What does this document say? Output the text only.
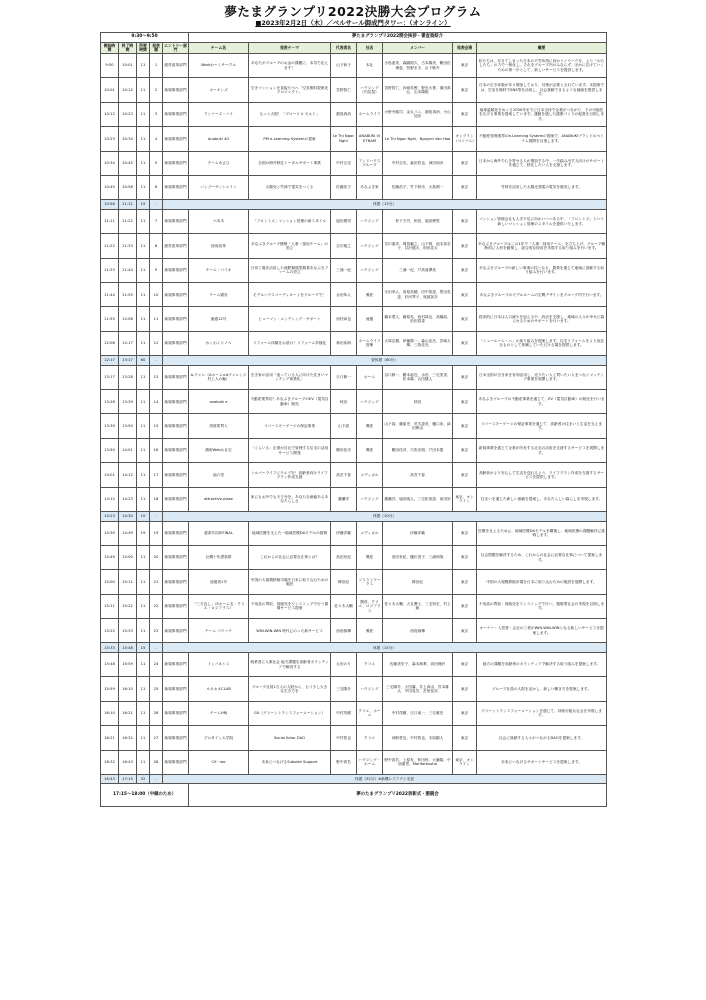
夢たまグランプリ2022決勝大会プログラム
■2023年2月2日（木）／ベルサール御成門タワー：（オンライン）
9:30～9:50					夢たまグランプリ2022開会挨拶・審査員紹介						
開始時間	終了時間	所要時間	発表順	エントリー部門	チーム名	発表テーマ	代表者名	社名	メンバー	発表会場	概要
9:50	10:01	11	1	経営改革部門	Workわーくサークル	あなたがグループのお金の課題に、本気で応えます！	山下和子	本社	小島恵美、森嗣朗久、古本陽美、鶴田佐理恵、牧野まき、山下敬介	東京	私たちは、尽きてしまった日本の不労所得に向かうノウハウを、より「わたしたち」の力で一般化し、それをグループ内のみならず、ほかに広げていくための第一歩として、新しいサービスを提供します。
10:01	10:12	11	2	新規事業部門	ホーキンズ	空きマンションを直接たべへ「空室無料提案化プロジェクト」	宮野智仁	ハウジング（内見屋）	宮野智仁、岩崎英俊、野田大貴、濱田真弘、山本陽聡	東京	日本の空き家数が年々増加しており、対策が必要とされています。本提案では、空室を無料でSNS等を活用し、社会貢献できるような価値を提供します。
10:12	10:23	11	3	新規事業部門	ランナーズ・ハイ	もっと大胆！「グローリオ モルト」	割島真治	ホームライフ	小野寺健司、金丸コニ、割島真治、小山加奈	東京	地球温暖化をめぐる2030年までに日本全体で企業がつながり、その可能性を広げる事業を提案しています。運動を通した健康づくりの促進を目指します。
10:23	10:34	11	4	新規事業部門	Anabuki 4G	PM e-Learning Systemの提案	Le Thi Ngoc Nghi	ANABUKI VIETNAM	Le Thi Ngoc Nghi、Nguyen Van Hoa	オンライン（ベトナム）	不動産管理業界のe-Learning Systemの提案で、ANABUKIブランドのベトナム展開を目指します。
10:34	10:45	11	5	新規事業部門	チームあさひ	全国の海外移住トータルサポート事業	中村吉光	アンドハウスグループ	中村吉光、森田哲也、神田和彦	東京	日本から海外で心を寄せる人が増加する中、一歩踏み出す人向けのサポートを通じて、移住したい人を支援します。
10:45	10:56	11	6	新規事業部門	バンブーサンシャイン	太陽光と竹林で電気をつくる	佐藤浩子	あなぶき家	佐藤浩子、竹下彰彦、大島理一	東京	竹林を活用した太陽光発電の電気を販売します。
10:56	11:11	15	-	休憩（15分）							
11:11	11:22	11	7	新規事業部門	六本木	「フロントズ」マンション管理の新スタイル	堀田俊男	ハウジング	松下方円、和田、堀田俊男	東京	マンション管理会社も人手不足に向かいつつある中、「フロントズ」という新しいマンション管理のスタイルを提供いたします。
11:22	11:33	11	8	経営改革部門	採用改革	あなぶきグループ横断「人事・採用チーム」の設立	吉川雅之	ハウジング	宮川重彦、岡島範之、山下明、池本加奈子、井沢健太、和田祐太	東京	あなぶきグループはこの1年で「人事・採用チーム」を立ち上げ、グループ横断的に人材を確保し、総合的な採用を実現する取り組みを行います。
11:33	11:44	11	9	新規事業部門	チーム・バイオ	日常工場を活用した液肥循環型農業あなぶきファームの設立	三浦一紀	ハウジング	三浦一紀、戸高亜澤美	東京	あなぶきグループの新しい事業の柱となる、農業を通じて地域に貢献する取り組みを行います。
11:44	11:55	11	10	新規事業部門	チーム鎖音	モデルハウスコーディネートをグループで！	水田恭人	興産	永田恭人、髙原美穂、田中智恵、黒田英恵、杉河琴子、庭誠加奈	東京	あなぶきグループのモデルルームの空間デザインをグループ内で行います。
11:55	12:06	11	11	新規事業部門	流通12号	ヒューマン・エンディング・サポート	西村緑也	流通	橋本愛人、藤原英、西村緑也、高橋結、松田春香	東京	将来的に日本は人口減少を迎える中、終活を支援し、地域の人々が幸せに暮らせるためのサポートを行います。
12:06	12:17	11	12	新規事業部門	わくわくリノベ	リフォーム体験をお届け！リフォーム多様化	林田希海	ホームライフ管理	大塚弘樹、伊藤勝一、森山忠岳、宮崎大輝、三島佳光	東京	「シェールーム・へ」の取り組みを提案します。住宅リフォームをより身近なものとして体験していただける場を提供します。
12:17	13:17	60	-	昼休憩（60分）							
13:17	13:28	11	13	新規事業部門	A-チャレ（Aホーム×Aチャレンジ村上人の輪）	空き家の活用「迷っている人に向けた住まいマッチング事業化」	日口修一	ホーム	谷口修一、鶴本起近、水田、三宅美香、松本隆、吉田健人	東京	日本全国の空き家を有効活用し、売りたい人と買いたい人をつなぐマッチング事業を展開します。
13:28	13:39	11	14	新規事業部門	anabuki e	不動産業界初！あなぶきグループのEV（電気自動車）販売	秋田	ハウジング	秋田	東京	あなぶきグループの不動産事業を通じて、EV（電気自動車）の販売を行います。
13:39	13:50	11	15	新規事業部門	再度系買入	リバースモーゲージの保証事業	山下嵩	興産	山下嵩、藤原史、荒木恵美、樋口泉、緑田伸由	東京	リバースモーゲージの保証事業を通じて、高齢者の住まいと生活を支えます。
13:50	14:01	11	16	新規事業部門	鎖術Web＆社宅	「ぐらいる」企業が自社で管理する住宅の活用サービス開発	鶴田佳彦	興産	鶴田佳彦、穴吹光明、戸田本寛	東京	新規事業を通じて企業が所有する社宅の活用を支援するサービスを展開します。
14:01	14:12	11	17	新規事業部門	福六堂	シルバーライフにウエブを！高齢者向けライフプラン作成支援	高宮千春	メディカル	高宮千春	東京	高齢者がより安心して生活を送れるよう、ライフプラン作成を支援するサービスを提供します。
14:12	14:23	11	18	新規事業部門	attractive.plase	家にもお外でも天王寺を。あなたな価値あるあなたらしさ	廣瀬洋	ハウジング	廣瀬洋、堀田暁人、三宅佑里恵、前田崇	東京、オンライン	住まいを通じた新しい価値を提案し、あなたらしい暮らしを実現します。
14:23	14:30	10	-	休憩（10分）							
14:30	14:49	19	19	新規事業部門	還命共同体FINAL	地域医療を支えた一地域医療DXモデルの挑戦	伊藤洋範	メディカル	伊藤洋範	東京	医療を支えるために、地域医療DXモデルを構築し、地域医療の課題解決に挑戦します。
14:49	15:00	11	20	新規事業部門	社機十年漂楽群	これからの社会に必要な仕事とは？	高田有紀	興産	高田有紀、樋川香子、三浦和哉	東京	社会問題を解決するため、これからの社会に必要な仕事について提案します。
15:00	15:11	11	21	新規事業部門	読鶏者1号	中国の大規模移植市場を日本に取り込むための施設	韓田紀	ソリストワークス	韓田紀	東京	中国の大規模移植市場を日本に取り込むための施設を展開します。
15:11	15:22	11	22	新規事業部門	「三方良し」（Sホーム名・クリエ・ロジアラス）	不用品の買取、再販売をワンストップで行う循環サービス提案	佐々木大輔	興産、クリエ、ロジアラス	佐々木大輔、大友蒼士、三宅知史、村上綾	東京	不用品の買取・再販売をワンストップで行い、循環型社会の実現を目指します。
15:22	15:33	11	23	新規事業部門	チーム パワハチ	WIN-WIN-WIN 時代にのった新サービス	西島蓉樺	興産	西島蓉樺	東京	オーナー・入居者・会社の三者がWIN-WIN-WINとなる新しいサービスを提案します。
15:33	15:48	15	-	休憩（15分）							
15:48	15:59	11	24	新規事業部門	インバネシス	就業者に人事社会 地方課題を高齢者ボランティアで解決する	太田のり	クリエ	佐藤美栄子、森本萌華、高田理紗	東京	地方の課題を高齢者のボランティアで解決する取り組みを提案します。
15:59	16:10	11	25	新規事業部門	ヨネカネCLUB	グループ社員1万人の人財から、もう少し大きな生き方を	三宅陽介	ハウジング	三宅陽介、大田翼、井上真由、宮本雄太、中田晃芳、宮里佳祐	東京	グループ社員の人財を活かし、新しい働き方を提案します。
16:10	16:21	11	26	新規事業部門	チームHRJ	GX（グリーントランスフォーメーション）	中村茂樹	クリエ、ホーム	中村茂樹、日口竜一、三宅雅史	東京	グリーントランスフォーメーションを通じて、持続可能な社会を実現します。
16:21	16:32	11	27	新規事業部門	プロタイン大学院	Social Actor DAO	中村智也	クリエ	神野哲也、中村智也、木原嗣人	東京	社会に貢献する人々がつながるDAOを提案します。
16:32	16:43	11	28	新規事業部門	CX一wo	未来につなげるSubside Support	野中真吾	ハウジング・ホーム	野中真吾、上原有、仲田惇、大藤隆、中西重男、Mariforesutia	東京、オンライン	未来につなげるサポートサービスを提案します。
16:43	17:15	32	-	休憩（32分）※新機レイアウト変更							
17:15～18:00（中継のため）					夢のたまグランプリ2022表彰式・懇親会						
